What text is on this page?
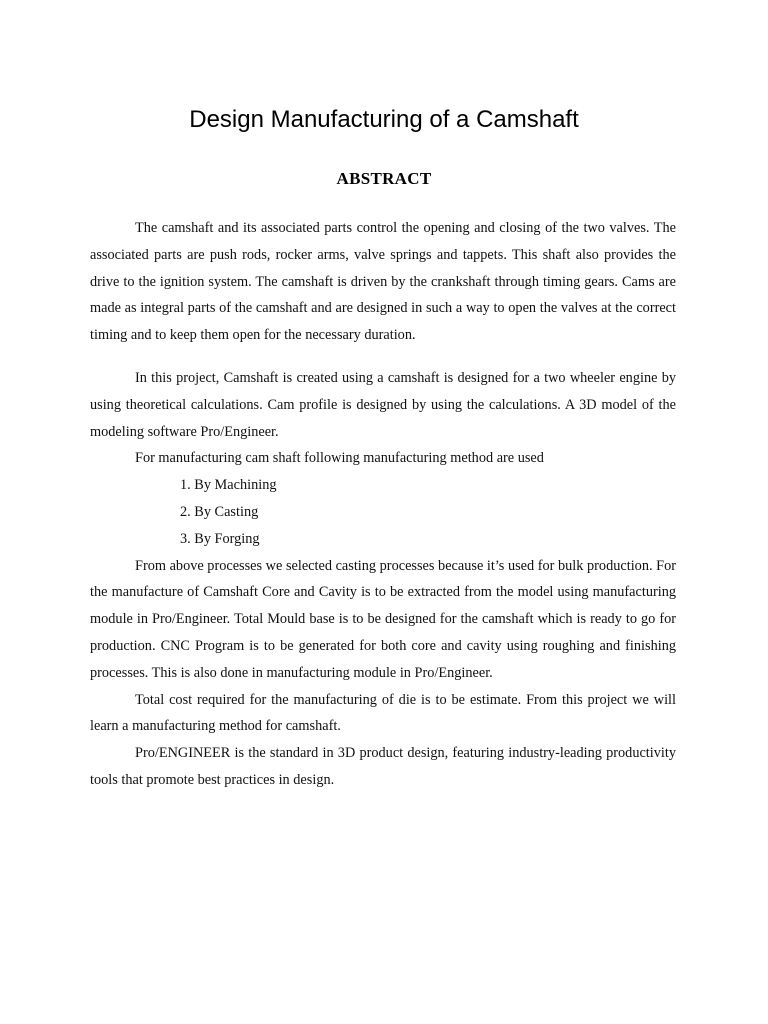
Design Manufacturing of a Camshaft
ABSTRACT

The camshaft and its associated parts control the opening and closing of the two valves. The associated parts are push rods, rocker arms, valve springs and tappets. This shaft also provides the drive to the ignition system. The camshaft is driven by the crankshaft through timing gears. Cams are made as integral parts of the camshaft and are designed in such a way to open the valves at the correct timing and to keep them open for the necessary duration.

In this project, Camshaft is created using a camshaft is designed for a two wheeler engine by using theoretical calculations. Cam profile is designed by using the calculations. A 3D model of the modeling software Pro/Engineer.

For manufacturing cam shaft following manufacturing method are used

1. By Machining
2. By Casting
3. By Forging

From above processes we selected casting processes because it’s used for bulk production. For the manufacture of Camshaft Core and Cavity is to be extracted from the model using manufacturing module in Pro/Engineer. Total Mould base is to be designed for the camshaft which is ready to go for production. CNC Program is to be generated for both core and cavity using roughing and finishing processes. This is also done in manufacturing module in Pro/Engineer.

Total cost required for the manufacturing of die is to be estimate. From this project we will learn a manufacturing method for camshaft.

Pro/ENGINEER is the standard in 3D product design, featuring industry-leading productivity tools that promote best practices in design.
